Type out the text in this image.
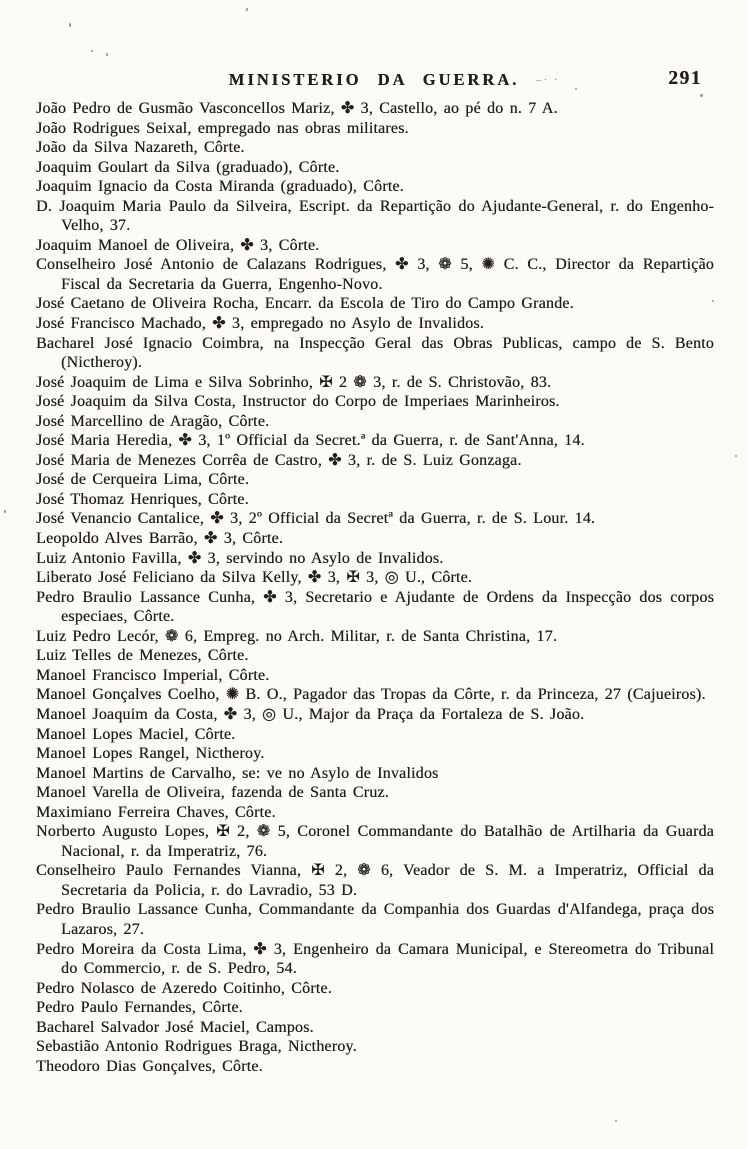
MINISTERIO DA GUERRA.	–· ·	291

João Pedro de Gusmão Vasconcellos Mariz, ✤ 3, Castello, ao pé do n. 7 A.

João Rodrigues Seixal, empregado nas obras militares.

João da Silva Nazareth, Côrte.

Joaquim Goulart da Silva (graduado), Côrte.

Joaquim Ignacio da Costa Miranda (graduado), Côrte.

D. Joaquim Maria Paulo da Silveira, Escript. da Repartição do Ajudante-General, r. do Engenho-Velho, 37.

Joaquim Manoel de Oliveira, ✤ 3, Côrte.

Conselheiro José Antonio de Calazans Rodrigues, ✤ 3, ❁ 5, ✺ C. C., Director da Repartição Fiscal da Secretaria da Guerra, Engenho-Novo.

José Caetano de Oliveira Rocha, Encarr. da Escola de Tiro do Campo Grande.

José Francisco Machado, ✤ 3, empregado no Asylo de Invalidos.

Bacharel José Ignacio Coimbra, na Inspecção Geral das Obras Publicas, campo de S. Bento (Nictheroy).

José Joaquim de Lima e Silva Sobrinho, ✠ 2 ❁ 3, r. de S. Christovão, 83.

José Joaquim da Silva Costa, Instructor do Corpo de Imperiaes Marinheiros.

José Marcellino de Aragão, Côrte.

José Maria Heredia, ✤ 3, 1º Official da Secret.ª da Guerra, r. de Sant'Anna, 14.

José Maria de Menezes Corrêa de Castro, ✤ 3, r. de S. Luiz Gonzaga.

José de Cerqueira Lima, Côrte.

José Thomaz Henriques, Côrte.

José Venancio Cantalice, ✤ 3, 2º Official da Secretª da Guerra, r. de S. Lour. 14.

Leopoldo Alves Barrão, ✤ 3, Côrte.

Luiz Antonio Favilla, ✤ 3, servindo no Asylo de Invalidos.

Liberato José Feliciano da Silva Kelly, ✤ 3, ✠ 3, ◎ U., Côrte.

Pedro Braulio Lassance Cunha, ✤ 3, Secretario e Ajudante de Ordens da Inspecção dos corpos especiaes, Côrte.

Luiz Pedro Lecór, ❁ 6, Empreg. no Arch. Militar, r. de Santa Christina, 17.

Luiz Telles de Menezes, Côrte.

Manoel Francisco Imperial, Côrte.

Manoel Gonçalves Coelho, ✺ B. O., Pagador das Tropas da Côrte, r. da Princeza, 27 (Cajueiros).

Manoel Joaquim da Costa, ✤ 3, ◎ U., Major da Praça da Fortaleza de S. João.

Manoel Lopes Maciel, Côrte.

Manoel Lopes Rangel, Nictheroy.

Manoel Martins de Carvalho, se: ve no Asylo de Invalidos

Manoel Varella de Oliveira, fazenda de Santa Cruz.

Maximiano Ferreira Chaves, Côrte.

Norberto Augusto Lopes, ✠ 2, ❁ 5, Coronel Commandante do Batalhão de Artilharia da Guarda Nacional, r. da Imperatriz, 76.

Conselheiro Paulo Fernandes Vianna, ✠ 2, ❁ 6, Veador de S. M. a Imperatriz, Official da Secretaria da Policia, r. do Lavradio, 53 D.

Pedro Braulio Lassance Cunha, Commandante da Companhia dos Guardas d'Alfandega, praça dos Lazaros, 27.

Pedro Moreira da Costa Lima, ✤ 3, Engenheiro da Camara Municipal, e Stereometra do Tribunal do Commercio, r. de S. Pedro, 54.

Pedro Nolasco de Azeredo Coitinho, Côrte.

Pedro Paulo Fernandes, Côrte.

Bacharel Salvador José Maciel, Campos.

Sebastião Antonio Rodrigues Braga, Nictheroy.

Theodoro Dias Gonçalves, Côrte.
